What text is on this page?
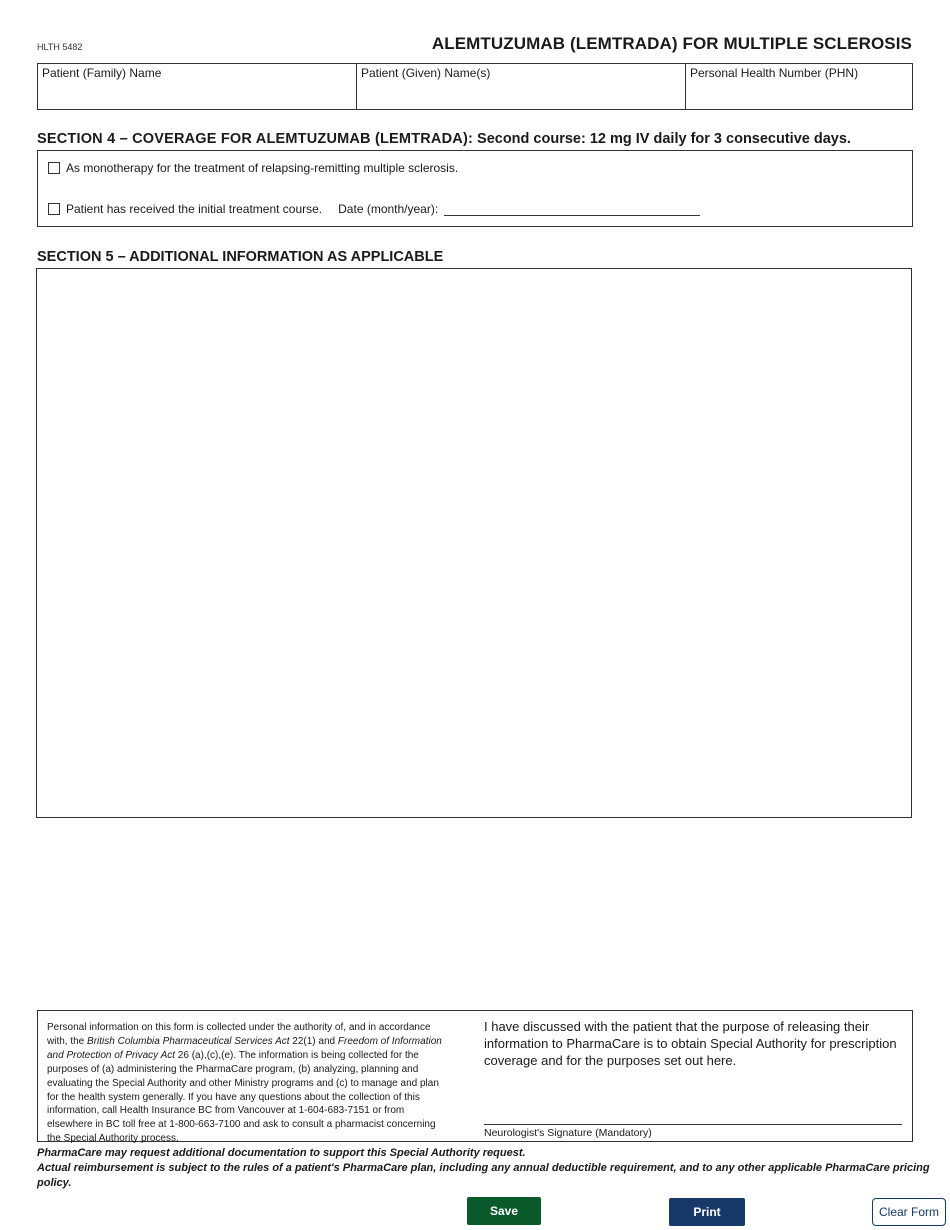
HLTH 5482	ALEMTUZUMAB (LEMTRADA) FOR MULTIPLE SCLEROSIS
Patient (Family) Name	Patient (Given) Name(s)	Personal Health Number (PHN)
SECTION 4 – COVERAGE FOR ALEMTUZUMAB (LEMTRADA): Second course: 12 mg IV daily for 3 consecutive days.
As monotherapy for the treatment of relapsing-remitting multiple sclerosis.
Patient has received the initial treatment course. Date (month/year):
SECTION 5 – ADDITIONAL INFORMATION AS APPLICABLE
Personal information on this form is collected under the authority of, and in accordance with, the British Columbia Pharmaceutical Services Act 22(1) and Freedom of Information and Protection of Privacy Act 26 (a),(c),(e). The information is being collected for the purposes of (a) administering the PharmaCare program, (b) analyzing, planning and evaluating the Special Authority and other Ministry programs and (c) to manage and plan for the health system generally. If you have any questions about the collection of this information, call Health Insurance BC from Vancouver at 1-604-683-7151 or from elsewhere in BC toll free at 1-800-663-7100 and ask to consult a pharmacist concerning the Special Authority process.
I have discussed with the patient that the purpose of releasing their information to PharmaCare is to obtain Special Authority for prescription coverage and for the purposes set out here.
Neurologist's Signature (Mandatory)
PharmaCare may request additional documentation to support this Special Authority request.
Actual reimbursement is subject to the rules of a patient's PharmaCare plan, including any annual deductible requirement, and to any other applicable PharmaCare pricing policy.
Save	Print	Clear Form
